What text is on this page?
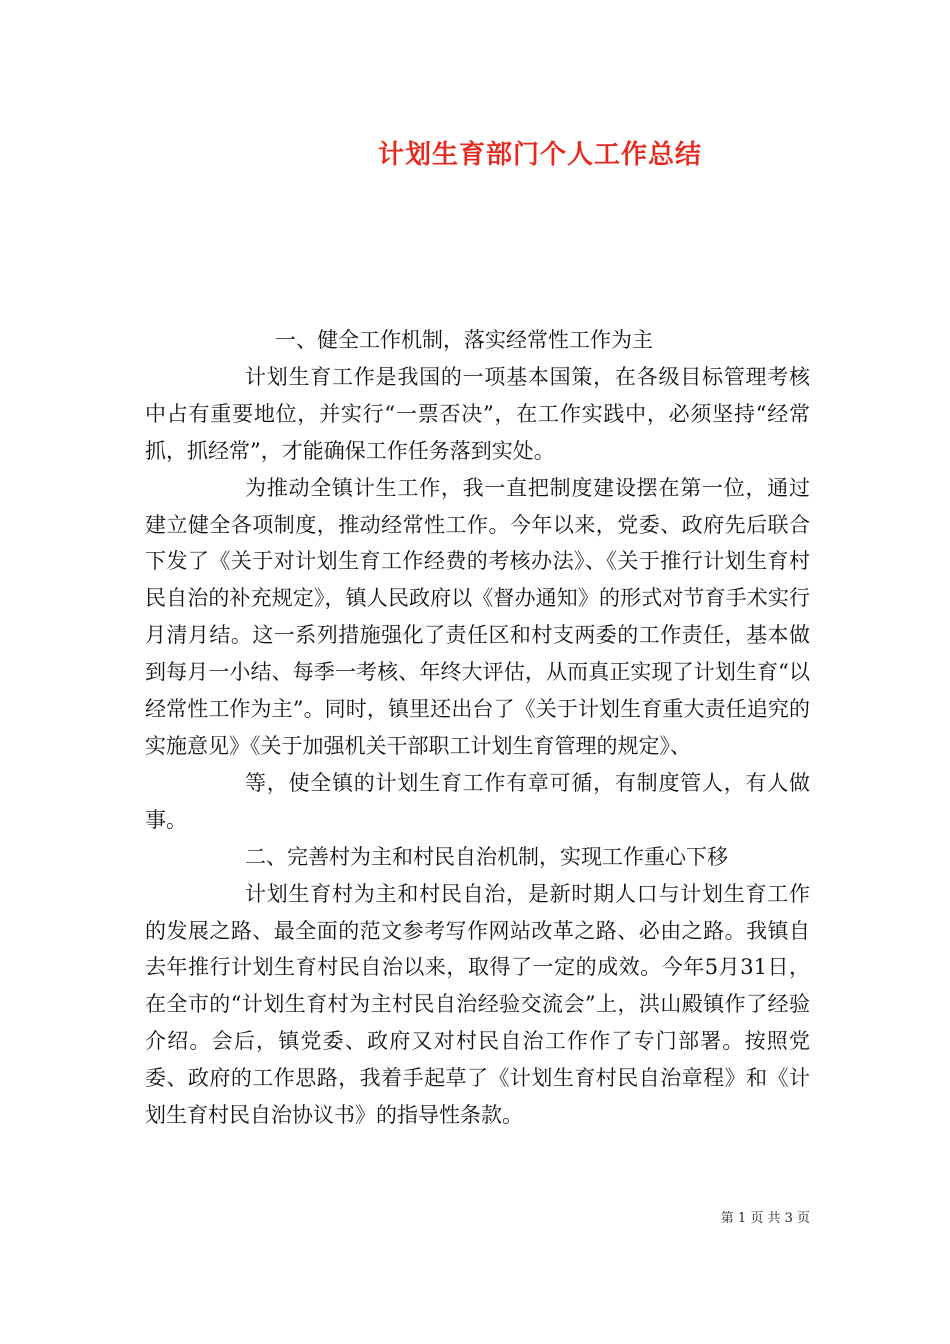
计划生育部门个人工作总结

一、健全工作机制，落实经常性工作为主

计划生育工作是我国的一项基本国策，在各级目标管理考核中占有重要地位，并实行“一票否决”，在工作实践中，必须坚持“经常抓，抓经常”，才能确保工作任务落到实处。

为推动全镇计生工作，我一直把制度建设摆在第一位，通过建立健全各项制度，推动经常性工作。今年以来，党委、政府先后联合下发了《关于对计划生育工作经费的考核办法》、《关于推行计划生育村民自治的补充规定》，镇人民政府以《督办通知》的形式对节育手术实行月清月结。这一系列措施强化了责任区和村支两委的工作责任，基本做到每月一小结、每季一考核、年终大评估，从而真正实现了计划生育“以经常性工作为主”。同时，镇里还出台了《关于计划生育重大责任追究的实施意见》《关于加强机关干部职工计划生育管理的规定》、

等，使全镇的计划生育工作有章可循，有制度管人，有人做事。

二、完善村为主和村民自治机制，实现工作重心下移

计划生育村为主和村民自治，是新时期人口与计划生育工作的发展之路、最全面的范文参考写作网站改革之路、必由之路。我镇自去年推行计划生育村民自治以来，取得了一定的成效。今年5月31日，在全市的“计划生育村为主村民自治经验交流会”上，洪山殿镇作了经验介绍。会后，镇党委、政府又对村民自治工作作了专门部署。按照党委、政府的工作思路，我着手起草了《计划生育村民自治章程》和《计划生育村民自治协议书》的指导性条款。

第 1 页 共 3 页
